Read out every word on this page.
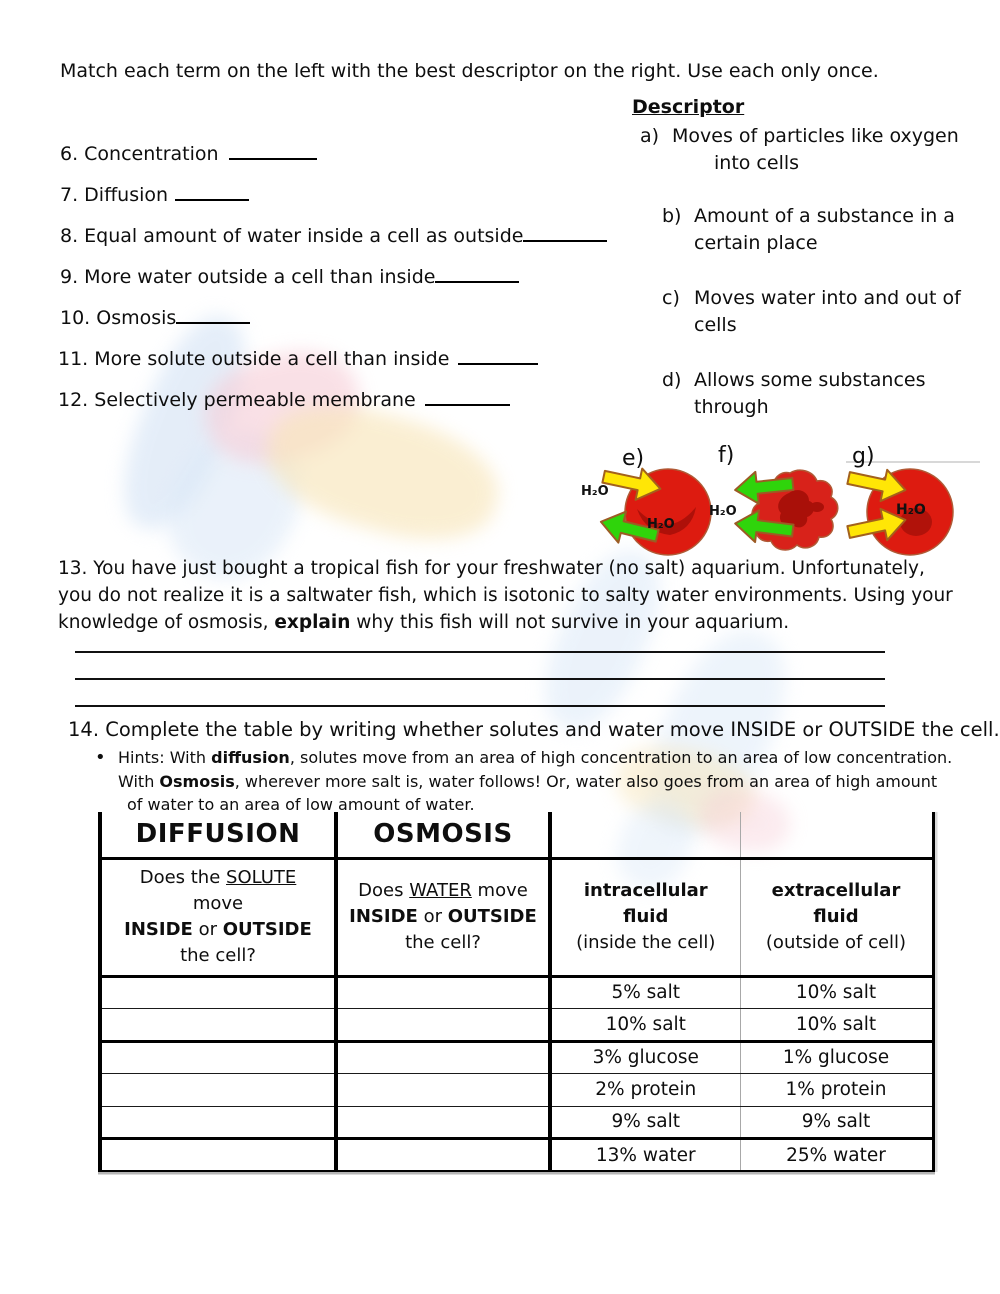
Match each term on the left with the best descriptor on the right. Use each only once.
Descriptor
a) Moves of particles like oxygen
into cells
b) Amount of a substance in a
certain place
c) Moves water into and out of
cells
d) Allows some substances
through
6. Concentration
7. Diffusion
8. Equal amount of water inside a cell as outside
9. More water outside a cell than inside
10. Osmosis
11. More solute outside a cell than inside
12. Selectively permeable membrane
e)	f)	g)
H₂O
H₂O
H₂O	H₂O
13. You have just bought a tropical fish for your freshwater (no salt) aquarium. Unfortunately,
you do not realize it is a saltwater fish, which is isotonic to salty water environments. Using your
knowledge of osmosis, explain why this fish will not survive in your aquarium.
14. Complete the table by writing whether solutes and water move INSIDE or OUTSIDE the cell.
• Hints: With diffusion, solutes move from an area of high concentration to an area of low concentration.
With Osmosis, wherever more salt is, water follows! Or, water also goes from an area of high amount
of water to an area of low amount of water.
DIFFUSION	OSMOSIS		
Does the SOLUTE
move
INSIDE or OUTSIDE
the cell?	Does WATER move
INSIDE or OUTSIDE
the cell?	intracellular
fluid
(inside the cell)	extracellular
fluid
(outside of cell)
		5% salt	10% salt
		10% salt	10% salt
		3% glucose	1% glucose
		2% protein	1% protein
		9% salt	9% salt
		13% water	25% water
